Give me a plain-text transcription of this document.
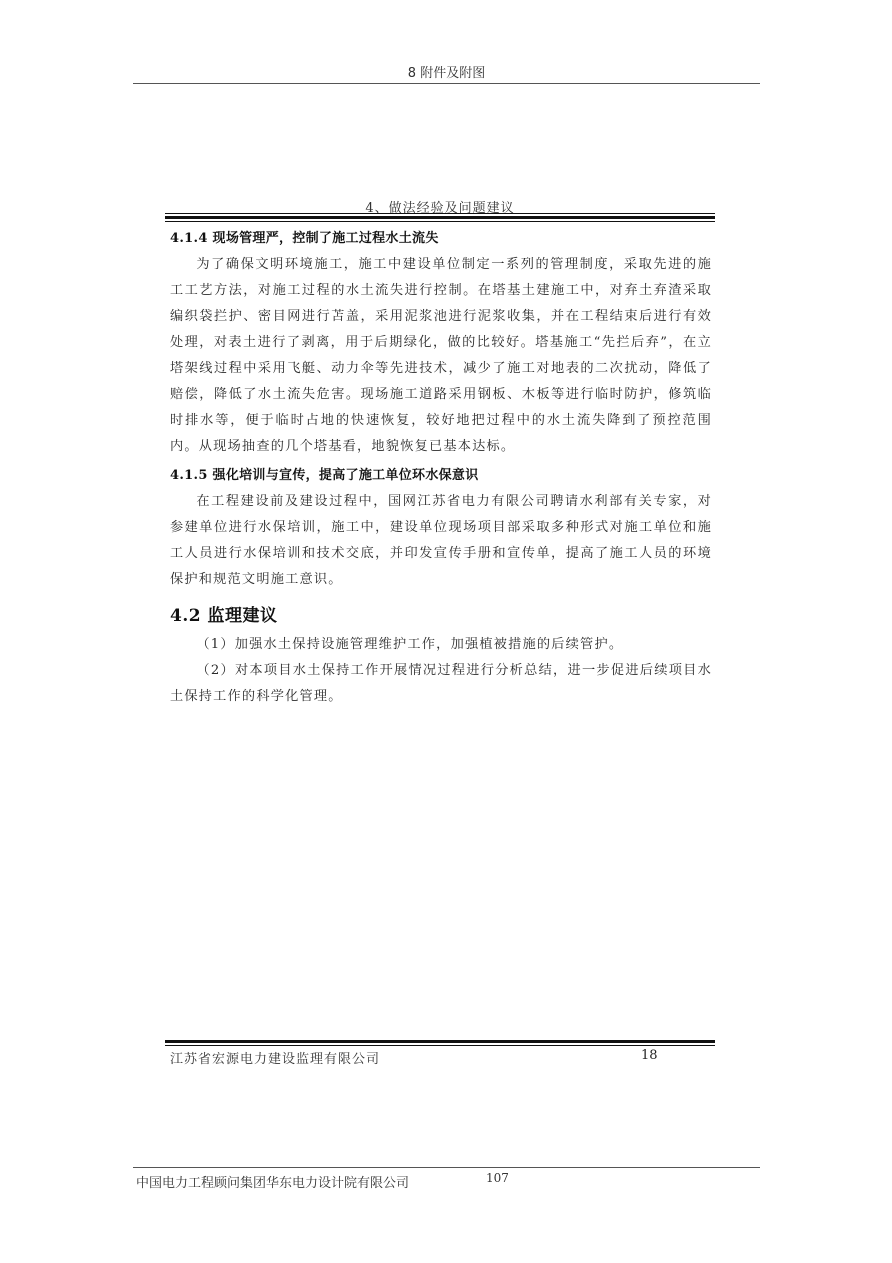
8 附件及附图
4、做法经验及问题建议
4.1.4 现场管理严，控制了施工过程水土流失

为了确保文明环境施工，施工中建设单位制定一系列的管理制度，采取先进的施工工艺方法，对施工过程的水土流失进行控制。在塔基土建施工中，对弃土弃渣采取编织袋拦护、密目网进行苫盖，采用泥浆池进行泥浆收集，并在工程结束后进行有效处理，对表土进行了剥离，用于后期绿化，做的比较好。塔基施工“先拦后弃”，在立塔架线过程中采用飞艇、动力伞等先进技术，减少了施工对地表的二次扰动，降低了赔偿，降低了水土流失危害。现场施工道路采用钢板、木板等进行临时防护，修筑临时排水等，便于临时占地的快速恢复，较好地把过程中的水土流失降到了预控范围内。从现场抽查的几个塔基看，地貌恢复已基本达标。

4.1.5 强化培训与宣传，提高了施工单位环水保意识

在工程建设前及建设过程中，国网江苏省电力有限公司聘请水利部有关专家，对参建单位进行水保培训，施工中，建设单位现场项目部采取多种形式对施工单位和施工人员进行水保培训和技术交底，并印发宣传手册和宣传单，提高了施工人员的环境保护和规范文明施工意识。

4.2 监理建议

（1）加强水土保持设施管理维护工作，加强植被措施的后续管护。

（2）对本项目水土保持工作开展情况过程进行分析总结，进一步促进后续项目水土保持工作的科学化管理。

江苏省宏源电力建设监理有限公司	18
中国电力工程顾问集团华东电力设计院有限公司	107
